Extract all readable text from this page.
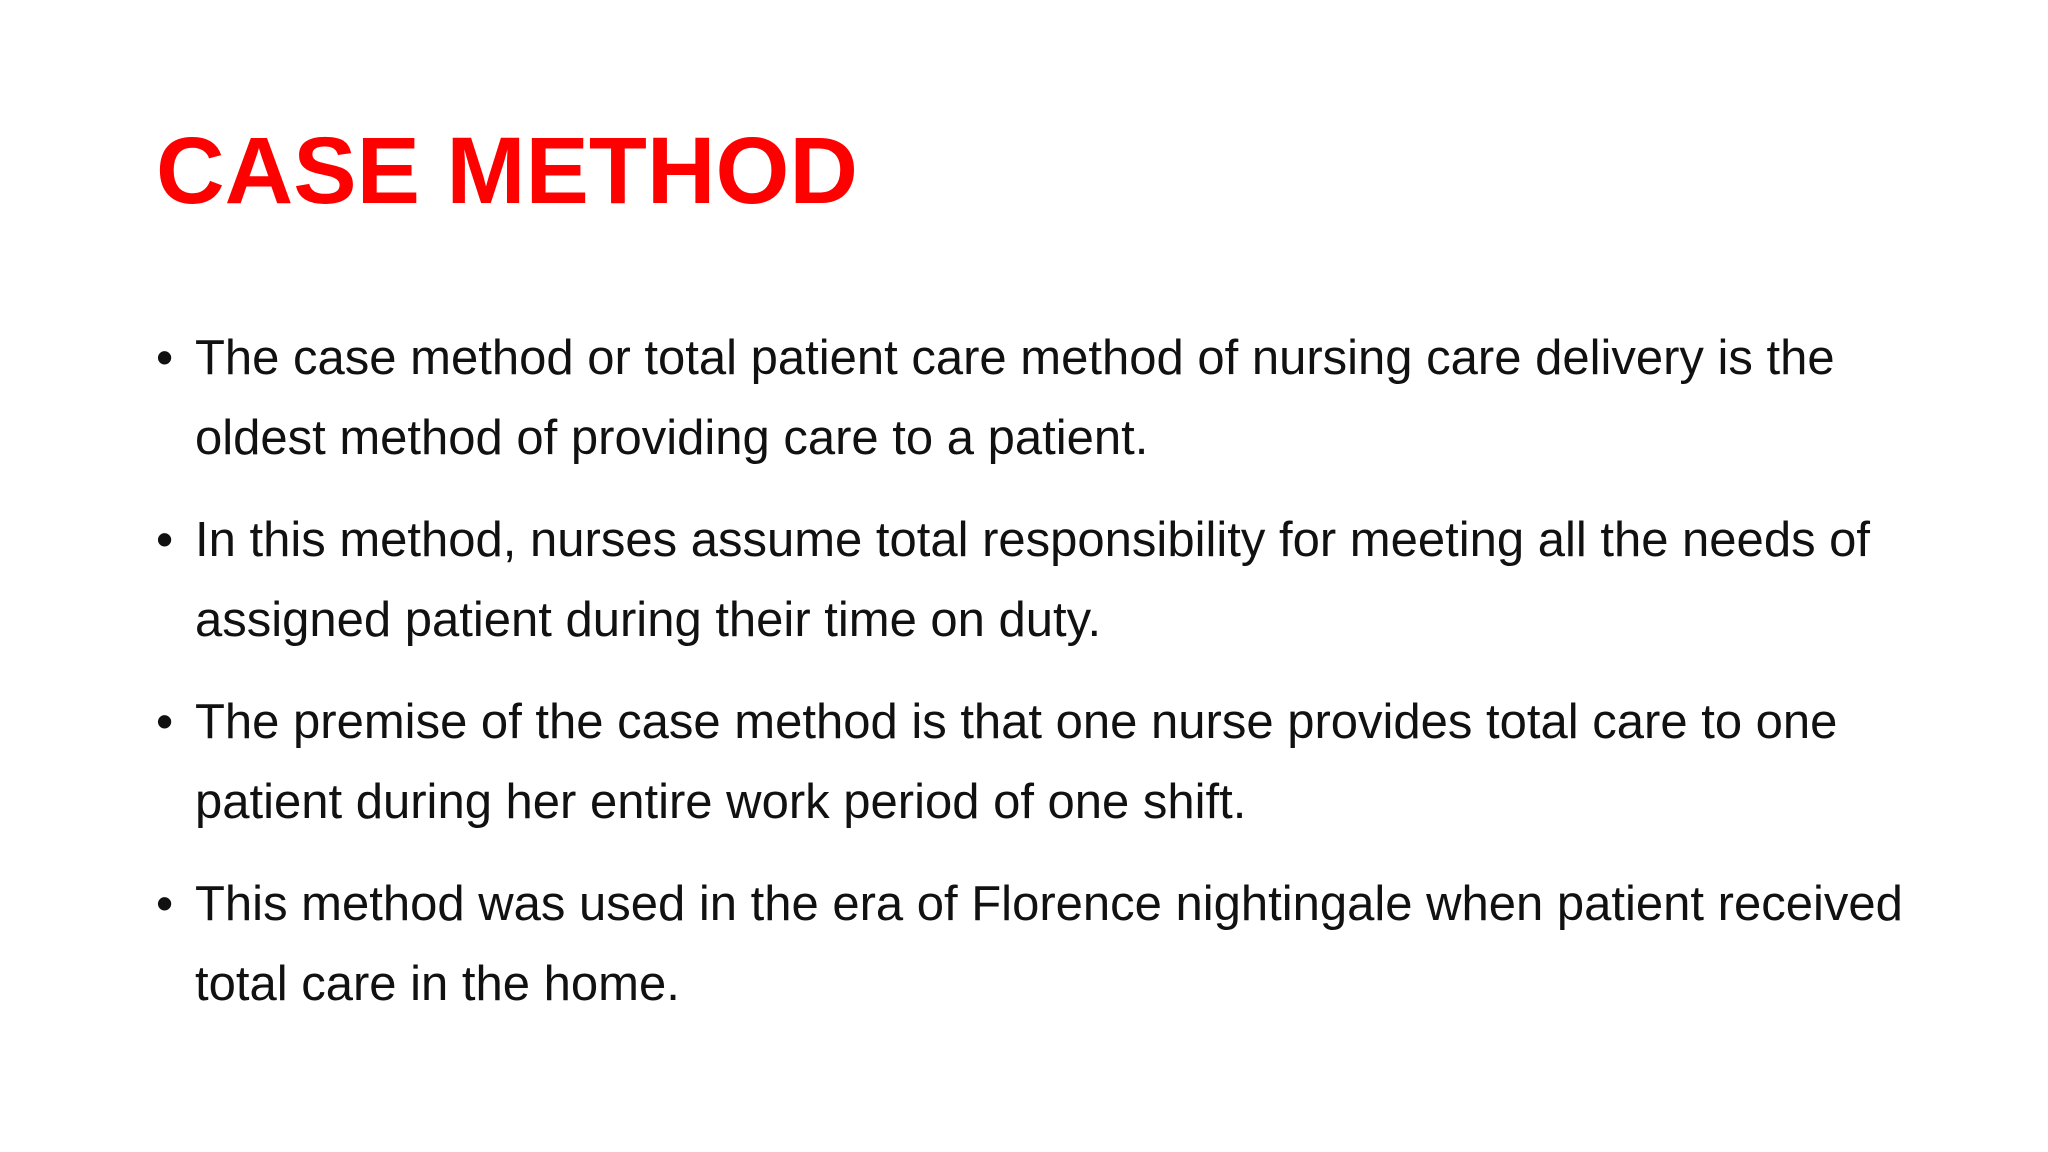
CASE METHOD
• The case method or total patient care method of nursing care delivery is the oldest method of providing care to a patient.
• In this method, nurses assume total responsibility for meeting all the needs of assigned patient during their time on duty.
• The premise of the case method is that one nurse provides total care to one patient during her entire work period of one shift.
• This method was used in the era of Florence nightingale when patient received total care in the home.
